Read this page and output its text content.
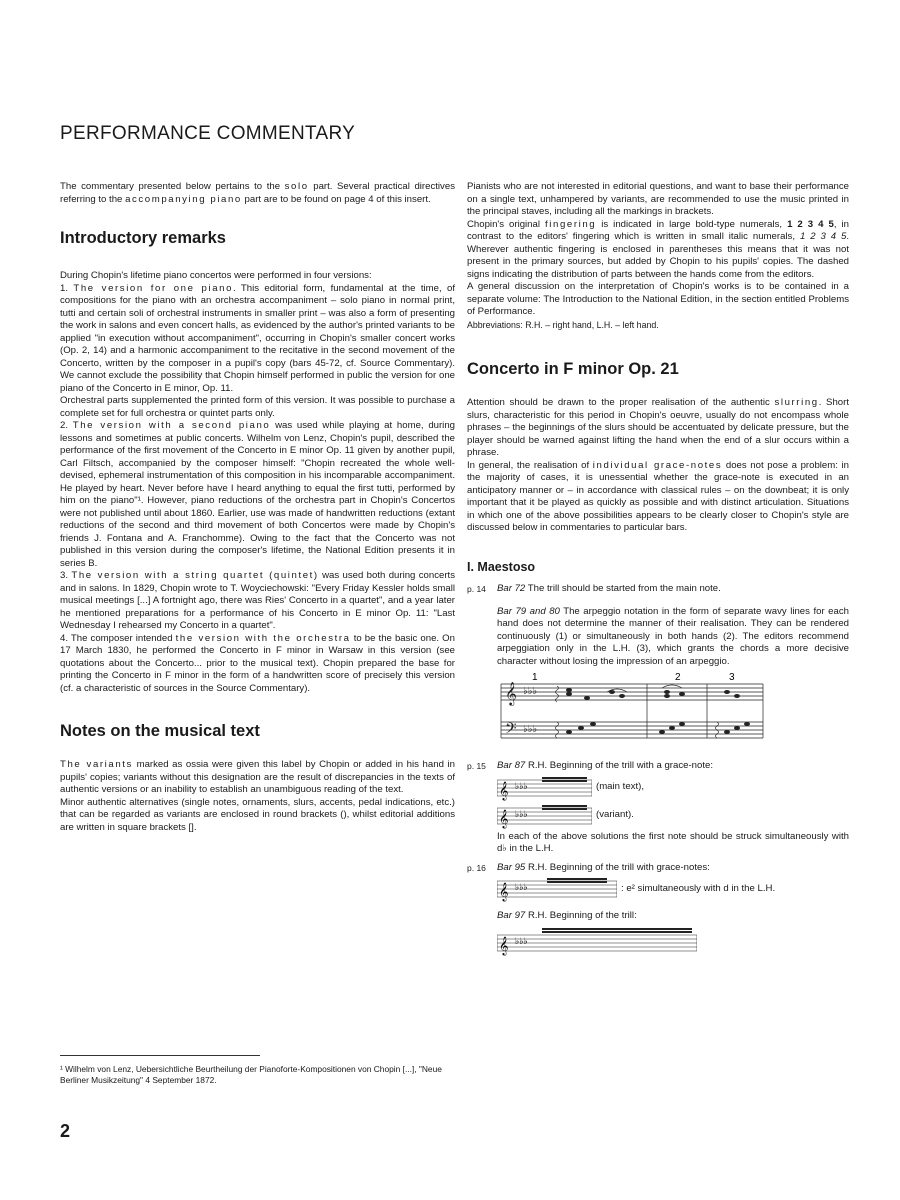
PERFORMANCE COMMENTARY

The commentary presented below pertains to the solo part. Several practical directives referring to the accompanying piano part are to be found on page 4 of this insert.

Introductory remarks

During Chopin's lifetime piano concertos were performed in four versions:

1. The version for one piano. This editorial form, fundamental at the time, of compositions for the piano with an orchestra accompaniment – solo piano in normal print, tutti and certain soli of orchestral instruments in smaller print – was also a form of presenting the work in salons and even concert halls, as evidenced by the author's printed variants to be applied "in execution without accompaniment", occurring in Chopin's smaller concert works (Op. 2, 14) and a harmonic accompaniment to the recitative in the second movement of the Concerto, written by the composer in a pupil's copy (bars 45-72, cf. Source Commentary). We cannot exclude the possibility that Chopin himself performed in public the version for one piano of the Concerto in E minor, Op. 11.

Orchestral parts supplemented the printed form of this version. It was possible to purchase a complete set for full orchestra or quintet parts only.

2. The version with a second piano was used while playing at home, during lessons and sometimes at public concerts. Wilhelm von Lenz, Chopin's pupil, described the performance of the first movement of the Concerto in E minor Op. 11 given by another pupil, Carl Filtsch, accompanied by the composer himself: "Chopin recreated the whole well-devised, ephemeral instrumentation of this composition in his incomparable accompaniment. He played by heart. Never before have I heard anything to equal the first tutti, performed by him on the piano"¹. However, piano reductions of the orchestra part in Chopin's Concertos were not published until about 1860. Earlier, use was made of handwritten reductions (extant reductions of the second and third movement of both Concertos were made by Chopin's friends J. Fontana and A. Franchomme). Owing to the fact that the Concerto was not published in this version during the composer's lifetime, the National Edition presents it in series B.

3. The version with a string quartet (quintet) was used both during concerts and in salons. In 1829, Chopin wrote to T. Woyciechowski: "Every Friday Kessler holds small musical meetings [...] A fortnight ago, there was Ries' Concerto in a quartet", and a year later he mentioned preparations for a performance of his Concerto in E minor Op. 11: "Last Wednesday I rehearsed my Concerto in a quartet".

4. The composer intended the version with the orchestra to be the basic one. On 17 March 1830, he performed the Concerto in F minor in Warsaw in this version (see quotations about the Concerto... prior to the musical text). Chopin prepared the base for printing the Concerto in F minor in the form of a handwritten score of precisely this version (cf. a characteristic of sources in the Source Commentary).

Notes on the musical text

The variants marked as ossia were given this label by Chopin or added in his hand in pupils' copies; variants without this designation are the result of discrepancies in the texts of authentic versions or an inability to establish an unambiguous reading of the text.

Minor authentic alternatives (single notes, ornaments, slurs, accents, pedal indications, etc.) that can be regarded as variants are enclosed in round brackets (), whilst editorial additions are written in square brackets [].

¹ Wilhelm von Lenz, Uebersichtliche Beurtheilung der Pianoforte-Kompositionen von Chopin [...], "Neue Berliner Musikzeitung" 4 September 1872.
2

Pianists who are not interested in editorial questions, and want to base their performance on a single text, unhampered by variants, are recommended to use the music printed in the principal staves, including all the markings in brackets.

Chopin's original fingering is indicated in large bold-type numerals, 1 2 3 4 5, in contrast to the editors' fingering which is written in small italic numerals, 1 2 3 4 5. Wherever authentic fingering is enclosed in parentheses this means that it was not present in the primary sources, but added by Chopin to his pupils' copies. The dashed signs indicating the distribution of parts between the hands come from the editors.

A general discussion on the interpretation of Chopin's works is to be contained in a separate volume: The Introduction to the National Edition, in the section entitled Problems of Performance.

Abbreviations: R.H. – right hand, L.H. – left hand.

Concerto in F minor Op. 21

Attention should be drawn to the proper realisation of the authentic slurring. Short slurs, characteristic for this period in Chopin's oeuvre, usually do not encompass whole phrases – the beginnings of the slurs should be accentuated by delicate pressure, but the player should be warned against lifting the hand when the end of a slur occurs within a phrase.

In general, the realisation of individual grace-notes does not pose a problem: in the majority of cases, it is unessential whether the grace-note is executed in an anticipatory manner or – in accordance with classical rules – on the downbeat; it is only important that it be played as quickly as possible and with distinct articulation. Situations in which one of the above possibilities appears to be clearly closer to Chopin's style are discussed below in commentaries to particular bars.

I. Maestoso
p. 14 Bar 72 The trill should be started from the main note.

Bar 79 and 80 The arpeggio notation in the form of separate wavy lines for each hand does not determine the manner of their realisation. They can be rendered continuously (1) or simultaneously in both hands (2). The editors recommend arpeggiation only in the L.H. (3), which grants the chords a more decisive character without losing the impression of an arpeggio.

𝄞
𝄢
♭♭♭
♭♭♭
1	2	3
p. 15 Bar 87 R.H. Beginning of the trill with a grace-note:

𝄞 ♭♭♭	(main text),
𝄞 ♭♭♭	(variant).

In each of the above solutions the first note should be struck simultaneously with d♭ in the L.H.

p. 16 Bar 95 R.H. Beginning of the trill with grace-notes:

𝄞 ♭♭♭	: e² simultaneously with d in the L.H.

Bar 97 R.H. Beginning of the trill:

𝄞 ♭♭♭
